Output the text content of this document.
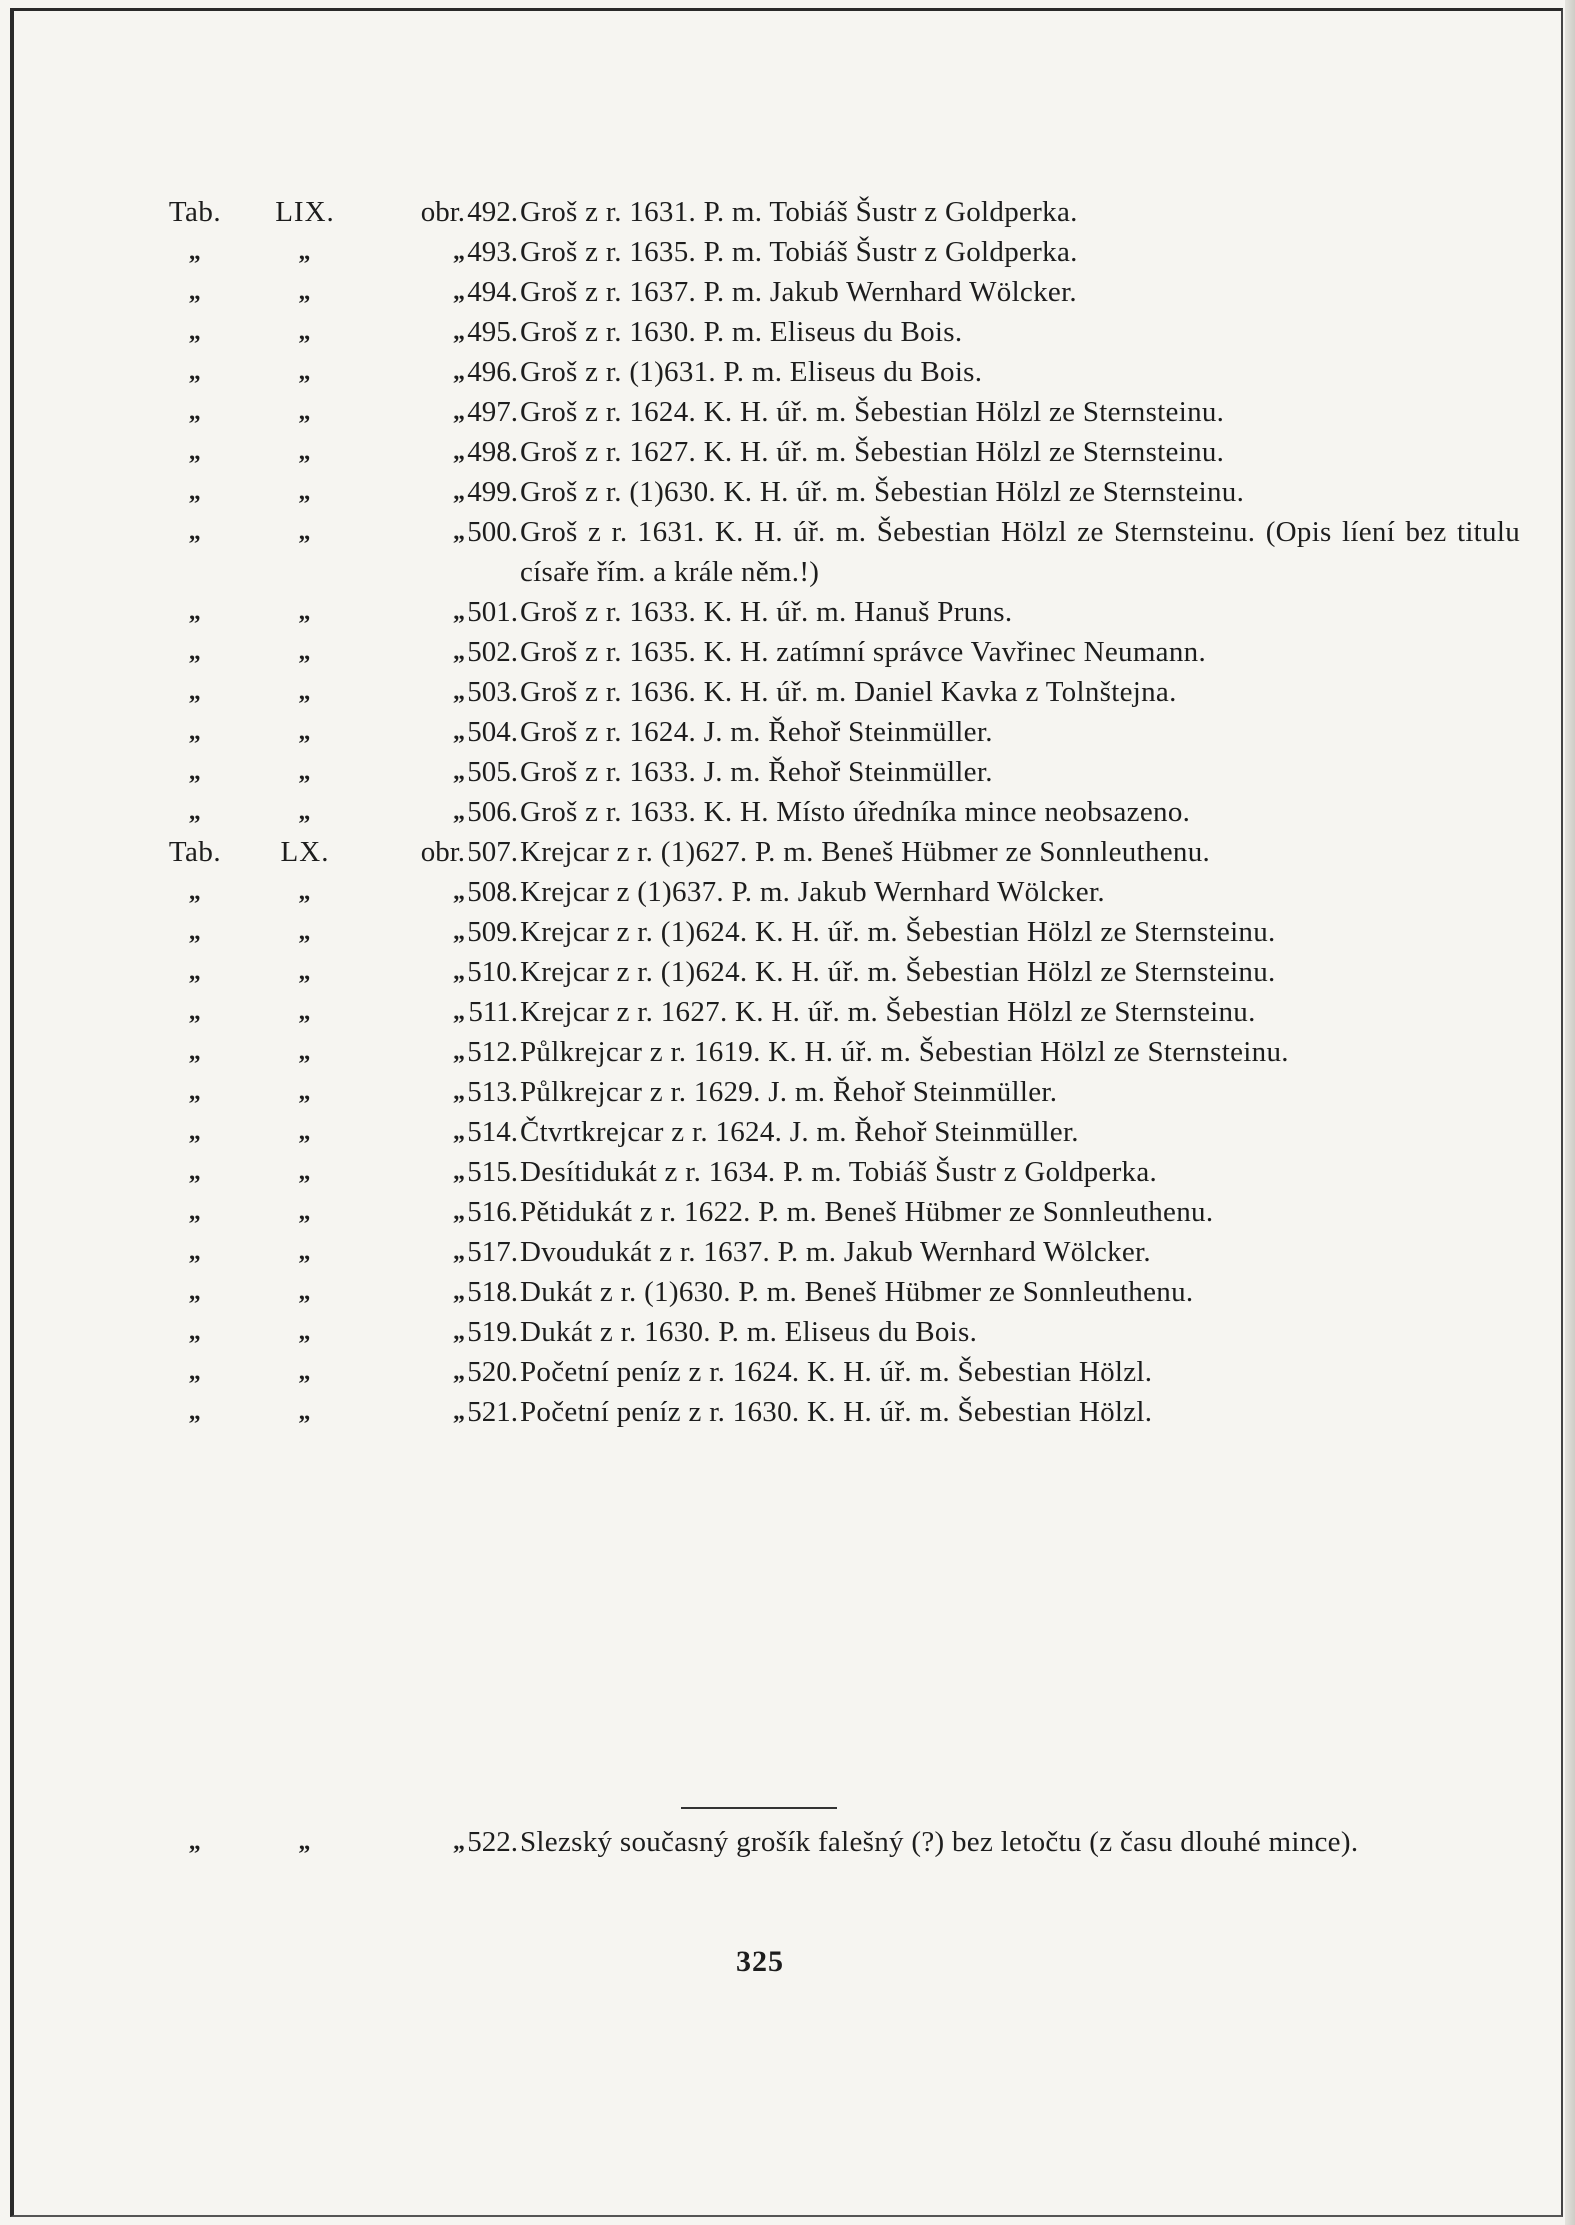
Tab.	LIX.	obr. 492. Groš z r. 1631. P. m. Tobiáš Šustr z Goldperka.
„	„	„ 493. Groš z r. 1635. P. m. Tobiáš Šustr z Goldperka.
„	„	„ 494. Groš z r. 1637. P. m. Jakub Wernhard Wölcker.
„	„	„ 495. Groš z r. 1630. P. m. Eliseus du Bois.
„	„	„ 496. Groš z r. (1)631. P. m. Eliseus du Bois.
„	„	„ 497. Groš z r. 1624. K. H. úř. m. Šebestian Hölzl ze Sternsteinu.
„	„	„ 498. Groš z r. 1627. K. H. úř. m. Šebestian Hölzl ze Sternsteinu.
„	„	„ 499. Groš z r. (1)630. K. H. úř. m. Šebestian Hölzl ze Sternsteinu.
„	„	„ 500. Groš z r. 1631. K. H. úř. m. Šebestian Hölzl ze Sternsteinu. (Opis líení bez titulu císaře řím. a krále něm.!)
„	„	„ 501. Groš z r. 1633. K. H. úř. m. Hanuš Pruns.
„	„	„ 502. Groš z r. 1635. K. H. zatímní správce Vavřinec Neumann.
„	„	„ 503. Groš z r. 1636. K. H. úř. m. Daniel Kavka z Tolnštejna.
„	„	„ 504. Groš z r. 1624. J. m. Řehoř Steinmüller.
„	„	„ 505. Groš z r. 1633. J. m. Řehoř Steinmüller.
„	„	„ 506. Groš z r. 1633. K. H. Místo úředníka mince neobsazeno.
Tab.	LX.	obr. 507. Krejcar z r. (1)627. P. m. Beneš Hübmer ze Sonnleuthenu.
„	„	„ 508. Krejcar z (1)637. P. m. Jakub Wernhard Wölcker.
„	„	„ 509. Krejcar z r. (1)624. K. H. úř. m. Šebestian Hölzl ze Sternsteinu.
„	„	„ 510. Krejcar z r. (1)624. K. H. úř. m. Šebestian Hölzl ze Sternsteinu.
„	„	„ 511. Krejcar z r. 1627. K. H. úř. m. Šebestian Hölzl ze Sternsteinu.
„	„	„ 512. Půlkrejcar z r. 1619. K. H. úř. m. Šebestian Hölzl ze Sternsteinu.
„	„	„ 513. Půlkrejcar z r. 1629. J. m. Řehoř Steinmüller.
„	„	„ 514. Čtvrtkrejcar z r. 1624. J. m. Řehoř Steinmüller.
„	„	„ 515. Desítidukát z r. 1634. P. m. Tobiáš Šustr z Goldperka.
„	„	„ 516. Pětidukát z r. 1622. P. m. Beneš Hübmer ze Sonnleuthenu.
„	„	„ 517. Dvoudukát z r. 1637. P. m. Jakub Wernhard Wölcker.
„	„	„ 518. Dukát z r. (1)630. P. m. Beneš Hübmer ze Sonnleuthenu.
„	„	„ 519. Dukát z r. 1630. P. m. Eliseus du Bois.
„	„	„ 520. Početní peníz z r. 1624. K. H. úř. m. Šebestian Hölzl.
„	„	„ 521. Početní peníz z r. 1630. K. H. úř. m. Šebestian Hölzl.
„	„	„ 522. Slezský současný grošík falešný (?) bez letočtu (z času dlouhé mince).
325
